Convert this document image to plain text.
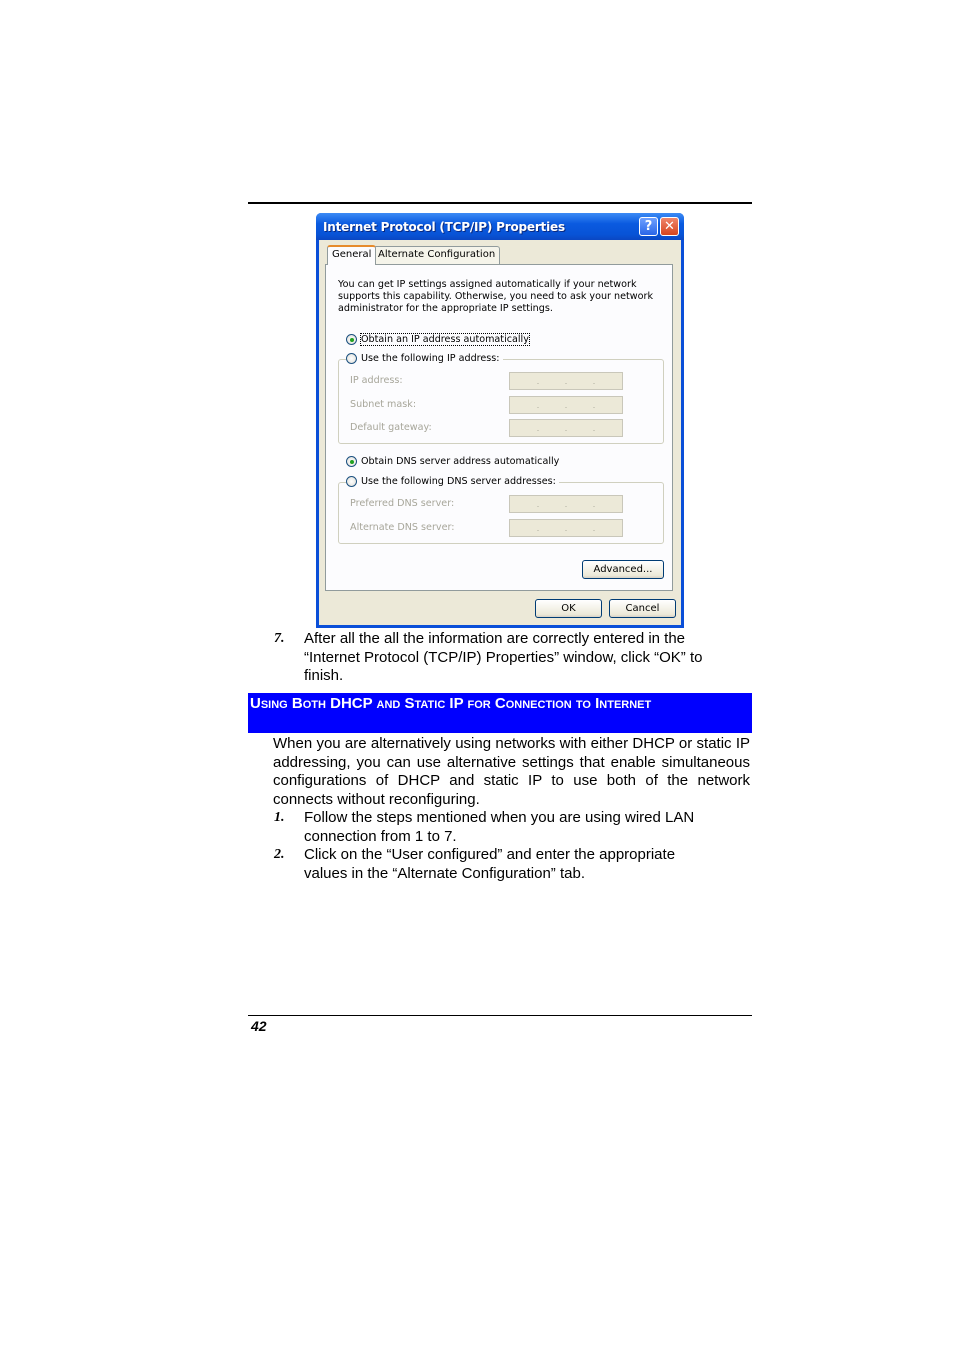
Internet Protocol (TCP/IP) Properties	? ✕
General Alternate Configuration
You can get IP settings assigned automatically if your network supports this capability. Otherwise, you need to ask your network administrator for the appropriate IP settings.
Obtain an IP address automatically
Use the following IP address:
IP address:	.	.	.
Subnet mask:	.	.	.
Default gateway:	.	.	.
Obtain DNS server address automatically
Use the following DNS server addresses:
Preferred DNS server:	.	.	.
Alternate DNS server:	.	.	.
Advanced...
OK	Cancel
7. After all the all the information are correctly entered in the “Internet Protocol (TCP/IP) Properties” window, click “OK” to finish.
Using Both DHCP and Static IP for Connection to Internet
When you are alternatively using networks with either DHCP or static IP addressing, you can use alternative settings that enable simultaneous configurations of DHCP and static IP to use both of the network connects without reconfiguring.
1. Follow the steps mentioned when you are using wired LAN connection from 1 to 7.
2. Click on the “User configured” and enter the appropriate values in the “Alternate Configuration” tab.
42
